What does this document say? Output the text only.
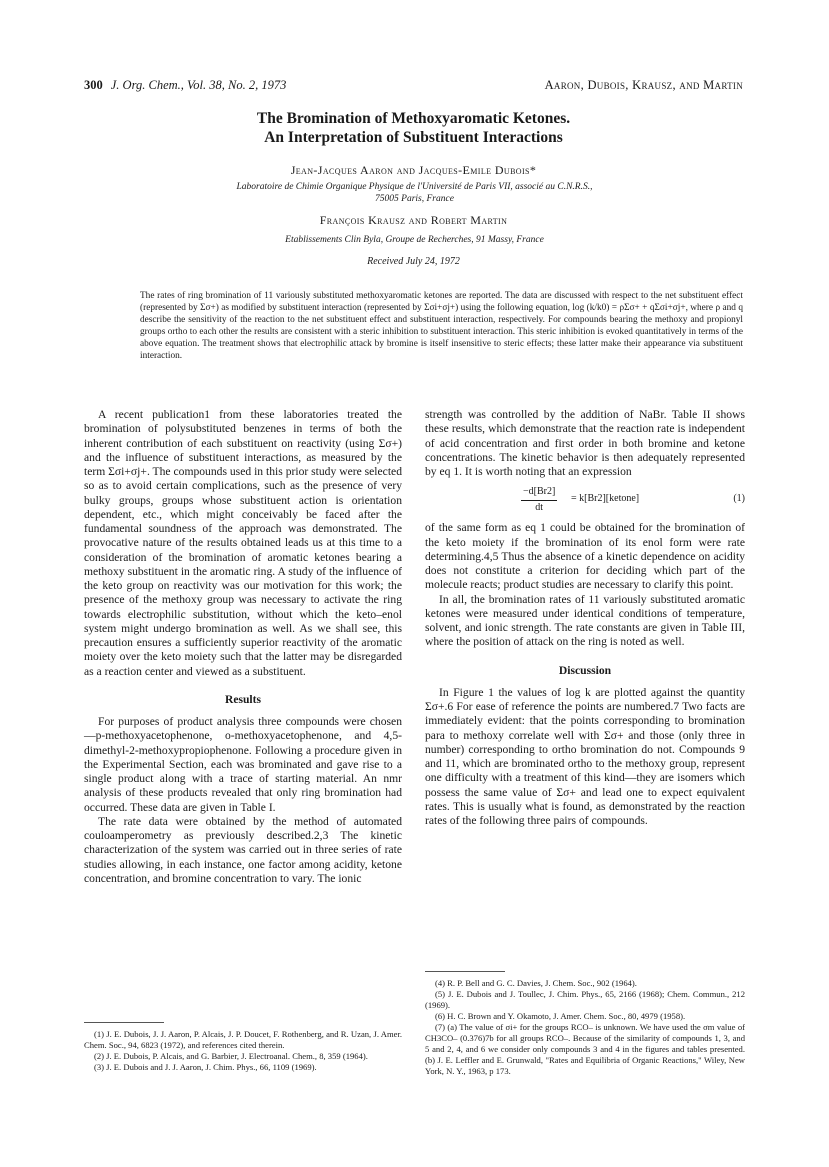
300 J. Org. Chem., Vol. 38, No. 2, 1973	Aaron, Dubois, Krausz, and Martin
The Bromination of Methoxyaromatic Ketones.
An Interpretation of Substituent Interactions
Jean-Jacques Aaron and Jacques-Emile Dubois*
Laboratoire de Chimie Organique Physique de l'Université de Paris VII, associé au C.N.R.S.,
75005 Paris, France
François Krausz and Robert Martin
Etablissements Clin Byla, Groupe de Recherches, 91 Massy, France
Received July 24, 1972
The rates of ring bromination of 11 variously substituted methoxyaromatic ketones are reported. The data are discussed with respect to the net substituent effect (represented by Σσ+) as modified by substituent interaction (represented by Σσi+σj+) using the following equation, log (k/k0) = ρΣσ+ + qΣσi+σj+, where ρ and q describe the sensitivity of the reaction to the net substituent effect and substituent interaction, respectively. For compounds bearing the methoxy and propionyl groups ortho to each other the results are consistent with a steric inhibition to substituent interaction. This steric inhibition is evoked quantitatively in terms of the above equation. The treatment shows that electrophilic attack by bromine is itself insensitive to steric effects; these latter make their appearance via substituent interaction.

A recent publication1 from these laboratories treated the bromination of polysubstituted benzenes in terms of both the inherent contribution of each substituent on reactivity (using Σσ+) and the influence of substituent interactions, as measured by the term Σσi+σj+. The compounds used in this prior study were selected so as to avoid certain complications, such as the presence of very bulky groups, groups whose substituent action is orientation dependent, etc., which might conceivably be faced after the fundamental soundness of the approach was demonstrated. The provocative nature of the results obtained leads us at this time to a consideration of the bromination of aromatic ketones bearing a methoxy substituent in the aromatic ring. A study of the influence of the keto group on reactivity was our motivation for this work; the presence of the methoxy group was necessary to activate the ring towards electrophilic substitution, without which the keto–enol system might undergo bromination as well. As we shall see, this precaution ensures a sufficiently superior reactivity of the aromatic moiety over the keto moiety such that the latter may be disregarded as a reaction center and viewed as a substituent.

Results

For purposes of product analysis three compounds were chosen—p-methoxyacetophenone, o-methoxyacetophenone, and 4,5-dimethyl-2-methoxypropiophenone. Following a procedure given in the Experimental Section, each was brominated and gave rise to a single product along with a trace of starting material. An nmr analysis of these products revealed that only ring bromination had occurred. These data are given in Table I.

The rate data were obtained by the method of automated couloamperometry as previously described.2,3 The kinetic characterization of the system was carried out in three series of rate studies allowing, in each instance, one factor among acidity, ketone concentration, and bromine concentration to vary. The ionic

strength was controlled by the addition of NaBr. Table II shows these results, which demonstrate that the reaction rate is independent of acid concentration and first order in both bromine and ketone concentrations. The kinetic behavior is then adequately represented by eq 1. It is worth noting that an expression

$\frac{-d[Br2]}{dt}$ = k[Br2][ketone]	(1)

of the same form as eq 1 could be obtained for the bromination of the keto moiety if the bromination of its enol form were rate determining.4,5 Thus the absence of a kinetic dependence on acidity does not constitute a criterion for deciding which part of the molecule reacts; product studies are necessary to clarify this point.

In all, the bromination rates of 11 variously substituted aromatic ketones were measured under identical conditions of temperature, solvent, and ionic strength. The rate constants are given in Table III, where the position of attack on the ring is noted as well.

Discussion

In Figure 1 the values of log k are plotted against the quantity Σσ+.6 For ease of reference the points are numbered.7 Two facts are immediately evident: that the points corresponding to bromination para to methoxy correlate well with Σσ+ and those (only three in number) corresponding to ortho bromination do not. Compounds 9 and 11, which are brominated ortho to the methoxy group, represent one difficulty with a treatment of this kind—they are isomers which possess the same value of Σσ+ and lead one to expect equivalent rates. This is usually what is found, as demonstrated by the reaction rates of the following three pairs of compounds.

(1) J. E. Dubois, J. J. Aaron, P. Alcais, J. P. Doucet, F. Rothenberg, and R. Uzan, J. Amer. Chem. Soc., 94, 6823 (1972), and references cited therein.
(2) J. E. Dubois, P. Alcais, and G. Barbier, J. Electroanal. Chem., 8, 359 (1964).
(3) J. E. Dubois and J. J. Aaron, J. Chim. Phys., 66, 1109 (1969).
(4) R. P. Bell and G. C. Davies, J. Chem. Soc., 902 (1964).
(5) J. E. Dubois and J. Toullec, J. Chim. Phys., 65, 2166 (1968); Chem. Commun., 212 (1969).
(6) H. C. Brown and Y. Okamoto, J. Amer. Chem. Soc., 80, 4979 (1958).
(7) (a) The value of σi+ for the groups RCO– is unknown. We have used the σm value of CH3CO– (0.376)7b for all groups RCO–. Because of the similarity of compounds 1, 3, and 5 and 2, 4, and 6 we consider only compounds 3 and 4 in the figures and tables presented. (b) J. E. Leffler and E. Grunwald, "Rates and Equilibria of Organic Reactions," Wiley, New York, N. Y., 1963, p 173.
